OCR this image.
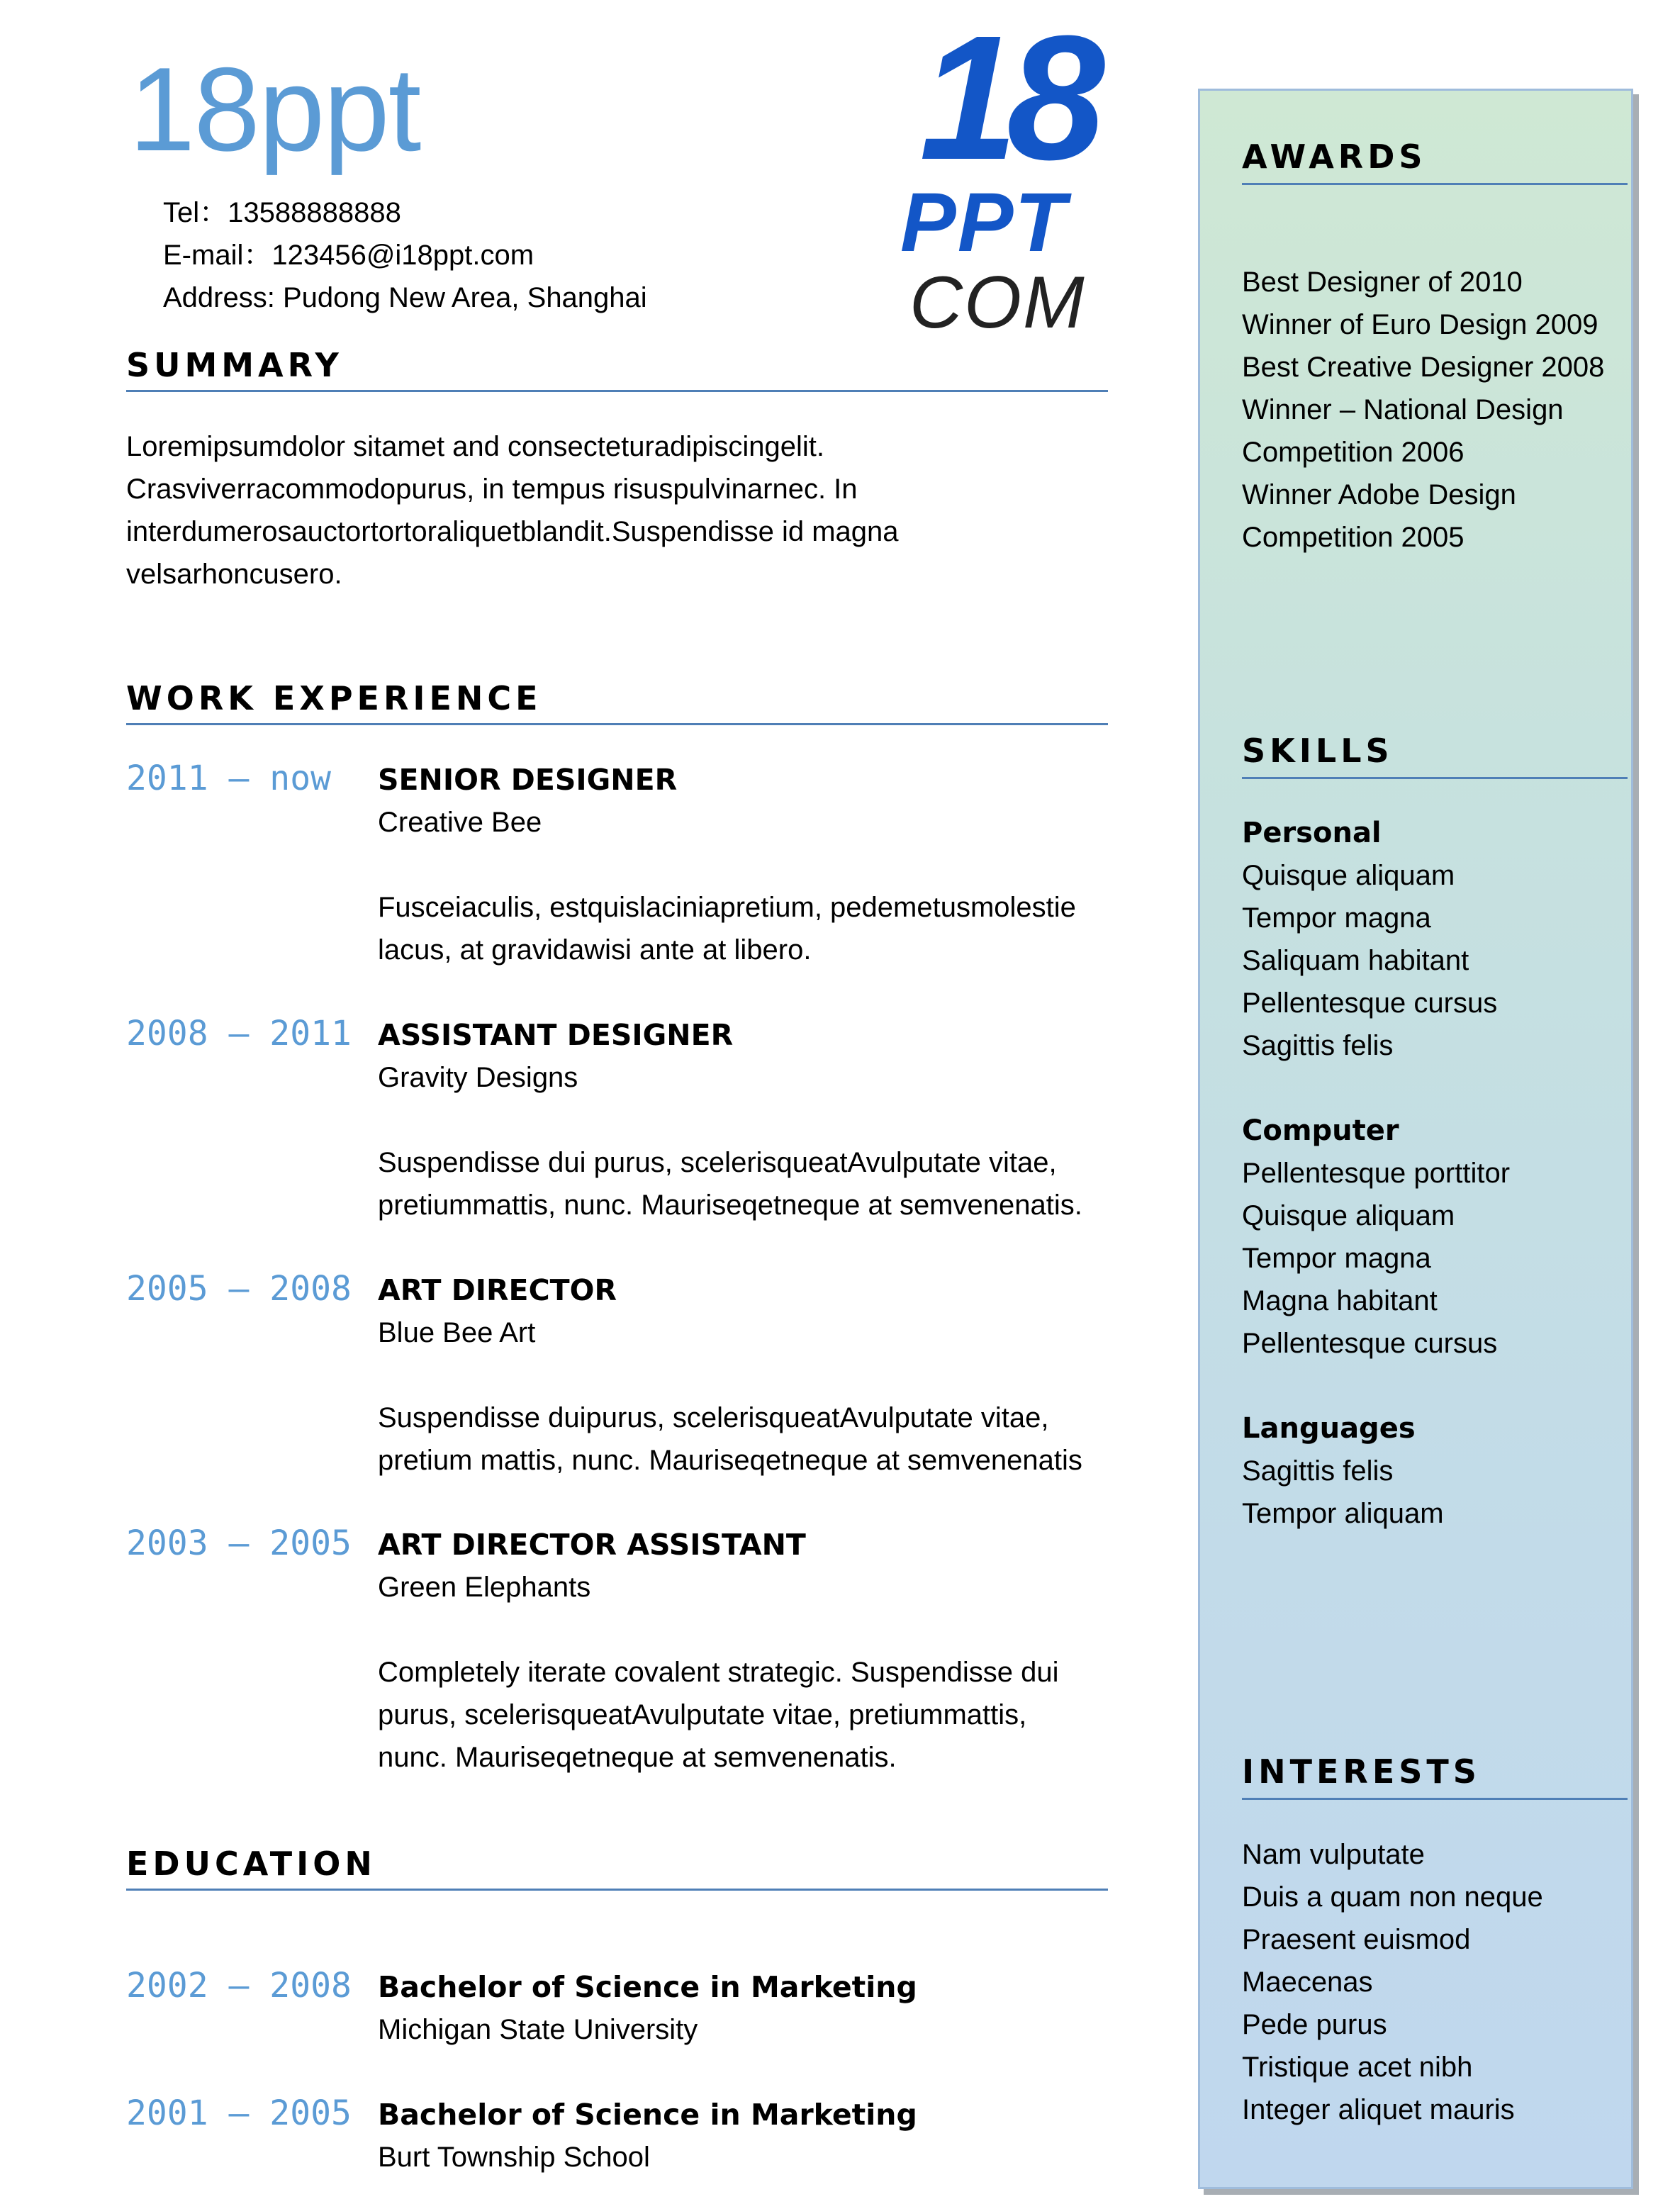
18ppt
Tel：13588888888
E-mail：123456@i18ppt.com
Address: Pudong New Area, Shanghai
18
PPT
COM
SUMMARY
Loremipsumdolor sitamet and consecteturadipiscingelit.
Crasviverracommodopurus, in tempus risuspulvinarnec. In
interdumerosauctortortoraliquetblandit.Suspendisse id magna
velsarhoncusero.
WORK EXPERIENCE
2011 – now SENIOR DESIGNER
Creative Bee
Fusceiaculis, estquislaciniapretium, pedemetusmolestie
lacus, at gravidawisi ante at libero.
2008 – 2011 ASSISTANT DESIGNER
Gravity Designs
Suspendisse dui purus, scelerisqueatAvulputate vitae,
pretiummattis, nunc. Mauriseqetneque at semvenenatis.
2005 – 2008 ART DIRECTOR
Blue Bee Art
Suspendisse duipurus, scelerisqueatAvulputate vitae,
pretium mattis, nunc. Mauriseqetneque at semvenenatis
2003 – 2005 ART DIRECTOR ASSISTANT
Green Elephants
Completely iterate covalent strategic. Suspendisse dui
purus, scelerisqueatAvulputate vitae, pretiummattis,
nunc. Mauriseqetneque at semvenenatis.
EDUCATION
2002 – 2008 Bachelor of Science in Marketing
Michigan State University
2001 – 2005 Bachelor of Science in Marketing
Burt Township School
AWARDS
Best Designer of 2010
Winner of Euro Design 2009
Best Creative Designer 2008
Winner – National Design
Competition 2006
Winner Adobe Design
Competition 2005
SKILLS
Personal
Quisque aliquam
Tempor magna
Saliquam habitant
Pellentesque cursus
Sagittis felis
Computer
Pellentesque porttitor
Quisque aliquam
Tempor magna
Magna habitant
Pellentesque cursus
Languages
Sagittis felis
Tempor aliquam
INTERESTS
Nam vulputate
Duis a quam non neque
Praesent euismod
Maecenas
Pede purus
Tristique acet nibh
Integer aliquet mauris
